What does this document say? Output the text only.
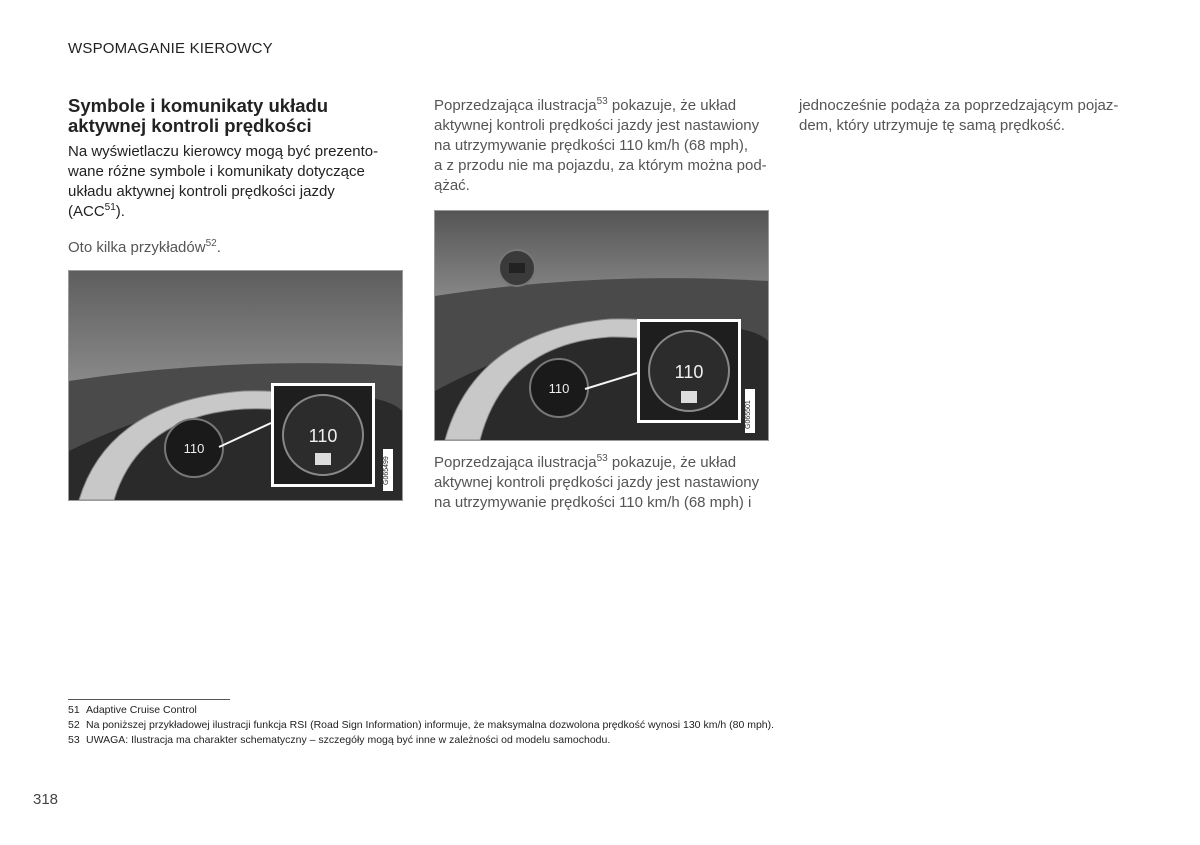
WSPOMAGANIE KIEROWCY
Symbole i komunikaty układu
aktywnej kontroli prędkości

Na wyświetlaczu kierowcy mogą być prezento-
wane różne symbole i komunikaty dotyczące
układu aktywnej kontroli prędkości jazdy
(ACC$^{51}$).

Oto kilka przykładów$^{52}$.

110
110
G065499

Poprzedzająca ilustracja$^{53}$ pokazuje, że układ
aktywnej kontroli prędkości jazdy jest nastawiony
na utrzymywanie prędkości 110 km/h (68 mph),
a z przodu nie ma pojazdu, za którym można pod-
ążać.

110
110
G065501

Poprzedzająca ilustracja$^{53}$ pokazuje, że układ
aktywnej kontroli prędkości jazdy jest nastawiony
na utrzymywanie prędkości 110 km/h (68 mph) i

jednocześnie podąża za poprzedzającym pojaz-
dem, który utrzymuje tę samą prędkość.

51 Adaptive Cruise Control
52 Na poniższej przykładowej ilustracji funkcja RSI (Road Sign Information) informuje, że maksymalna dozwolona prędkość wynosi 130 km/h (80 mph).
53 UWAGA: Ilustracja ma charakter schematyczny – szczegóły mogą być inne w zależności od modelu samochodu.
318
